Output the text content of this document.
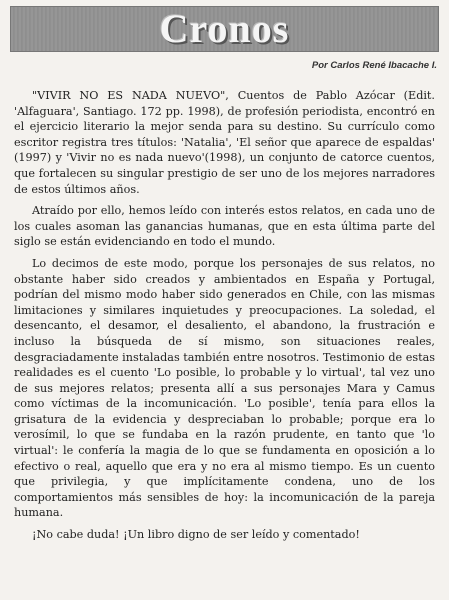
Cronos
Por Carlos René Ibacache I.

"VIVIR NO ES NADA NUEVO", Cuentos de Pablo Azócar (Edit. 'Alfaguara', Santiago. 172 pp. 1998), de profesión periodista, encontró en el ejercicio literario la mejor senda para su destino. Su currículo como escritor registra tres títulos: 'Natalia', 'El señor que aparece de espaldas' (1997) y 'Vivir no es nada nuevo'(1998), un conjunto de catorce cuentos, que fortalecen su singular prestigio de ser uno de los mejores narradores de estos últimos años.

Atraído por ello, hemos leído con interés estos relatos, en cada uno de los cuales asoman las ganancias humanas, que en esta última parte del siglo se están evidenciando en todo el mundo.

Lo decimos de este modo, porque los personajes de sus relatos, no obstante haber sido creados y ambientados en España y Portugal, podrían del mismo modo haber sido generados en Chile, con las mismas limitaciones y similares inquietudes y preocupaciones. La soledad, el desencanto, el desamor, el desaliento, el abandono, la frustración e incluso la búsqueda de sí mismo, son situaciones reales, desgraciadamente instaladas también entre nosotros. Testimonio de estas realidades es el cuento 'Lo posible, lo probable y lo virtual', tal vez uno de sus mejores relatos; presenta allí a sus personajes Mara y Camus como víctimas de la incomunicación. 'Lo posible', tenía para ellos la grisatura de la evidencia y despreciaban lo probable; porque era lo verosímil, lo que se fundaba en la razón prudente, en tanto que 'lo virtual': le confería la magia de lo que se fundamenta en oposición a lo efectivo o real, aquello que era y no era al mismo tiempo. Es un cuento que privilegia, y que implícitamente condena, uno de los comportamientos más sensibles de hoy: la incomunicación de la pareja humana.

¡No cabe duda! ¡Un libro digno de ser leído y comentado!
